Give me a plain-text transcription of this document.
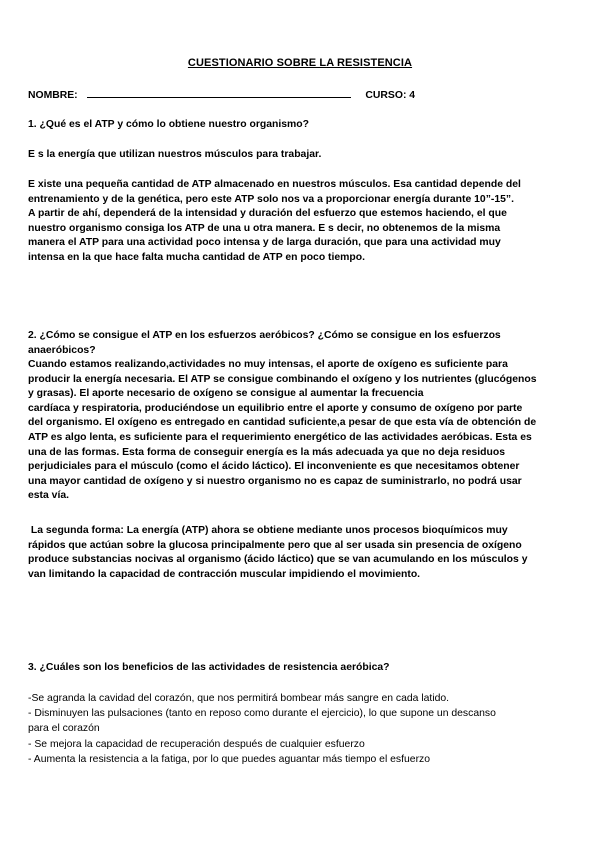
CUESTIONARIO SOBRE LA RESISTENCIA
NOMBRE:	CURSO: 4
1. ¿Qué es el ATP y cómo lo obtiene nuestro organismo?
E s la energía que utilizan nuestros músculos para trabajar.
E xiste una pequeña cantidad de ATP almacenado en nuestros músculos. Esa cantidad depende del
entrenamiento y de la genética, pero este ATP solo nos va a proporcionar energía durante 10”-15”.
A partir de ahí, dependerá de la intensidad y duración del esfuerzo que estemos haciendo, el que
nuestro organismo consiga los ATP de una u otra manera. E s decir, no obtenemos de la misma
manera el ATP para una actividad poco intensa y de larga duración, que para una actividad muy
intensa en la que hace falta mucha cantidad de ATP en poco tiempo.
2. ¿Cómo se consigue el ATP en los esfuerzos aeróbicos? ¿Cómo se consigue en los esfuerzos
anaeróbicos?
Cuando estamos realizando,actividades no muy intensas, el aporte de oxígeno es suficiente para
producir la energía necesaria. El ATP se consigue combinando el oxígeno y los nutrientes (glucógenos
y grasas). El aporte necesario de oxígeno se consigue al aumentar la frecuencia
cardíaca y respiratoria, produciéndose un equilibrio entre el aporte y consumo de oxígeno por parte
del organismo. El oxígeno es entregado en cantidad suficiente,a pesar de que esta vía de obtención de
ATP es algo lenta, es suficiente para el requerimiento energético de las actividades aeróbicas. Esta es
una de las formas. Esta forma de conseguir energía es la más adecuada ya que no deja residuos
perjudiciales para el músculo (como el ácido láctico). El inconveniente es que necesitamos obtener
una mayor cantidad de oxígeno y si nuestro organismo no es capaz de suministrarlo, no podrá usar
esta vía.
La segunda forma: La energía (ATP) ahora se obtiene mediante unos procesos bioquímicos muy
rápidos que actúan sobre la glucosa principalmente pero que al ser usada sin presencia de oxígeno
produce substancias nocivas al organismo (ácido láctico) que se van acumulando en los músculos y
van limitando la capacidad de contracción muscular impidiendo el movimiento.
3. ¿Cuáles son los beneficios de las actividades de resistencia aeróbica?
-Se agranda la cavidad del corazón, que nos permitirá bombear más sangre en cada latido.
- Disminuyen las pulsaciones (tanto en reposo como durante el ejercicio), lo que supone un descanso
para el corazón
- Se mejora la capacidad de recuperación después de cualquier esfuerzo
- Aumenta la resistencia a la fatiga, por lo que puedes aguantar más tiempo el esfuerzo
